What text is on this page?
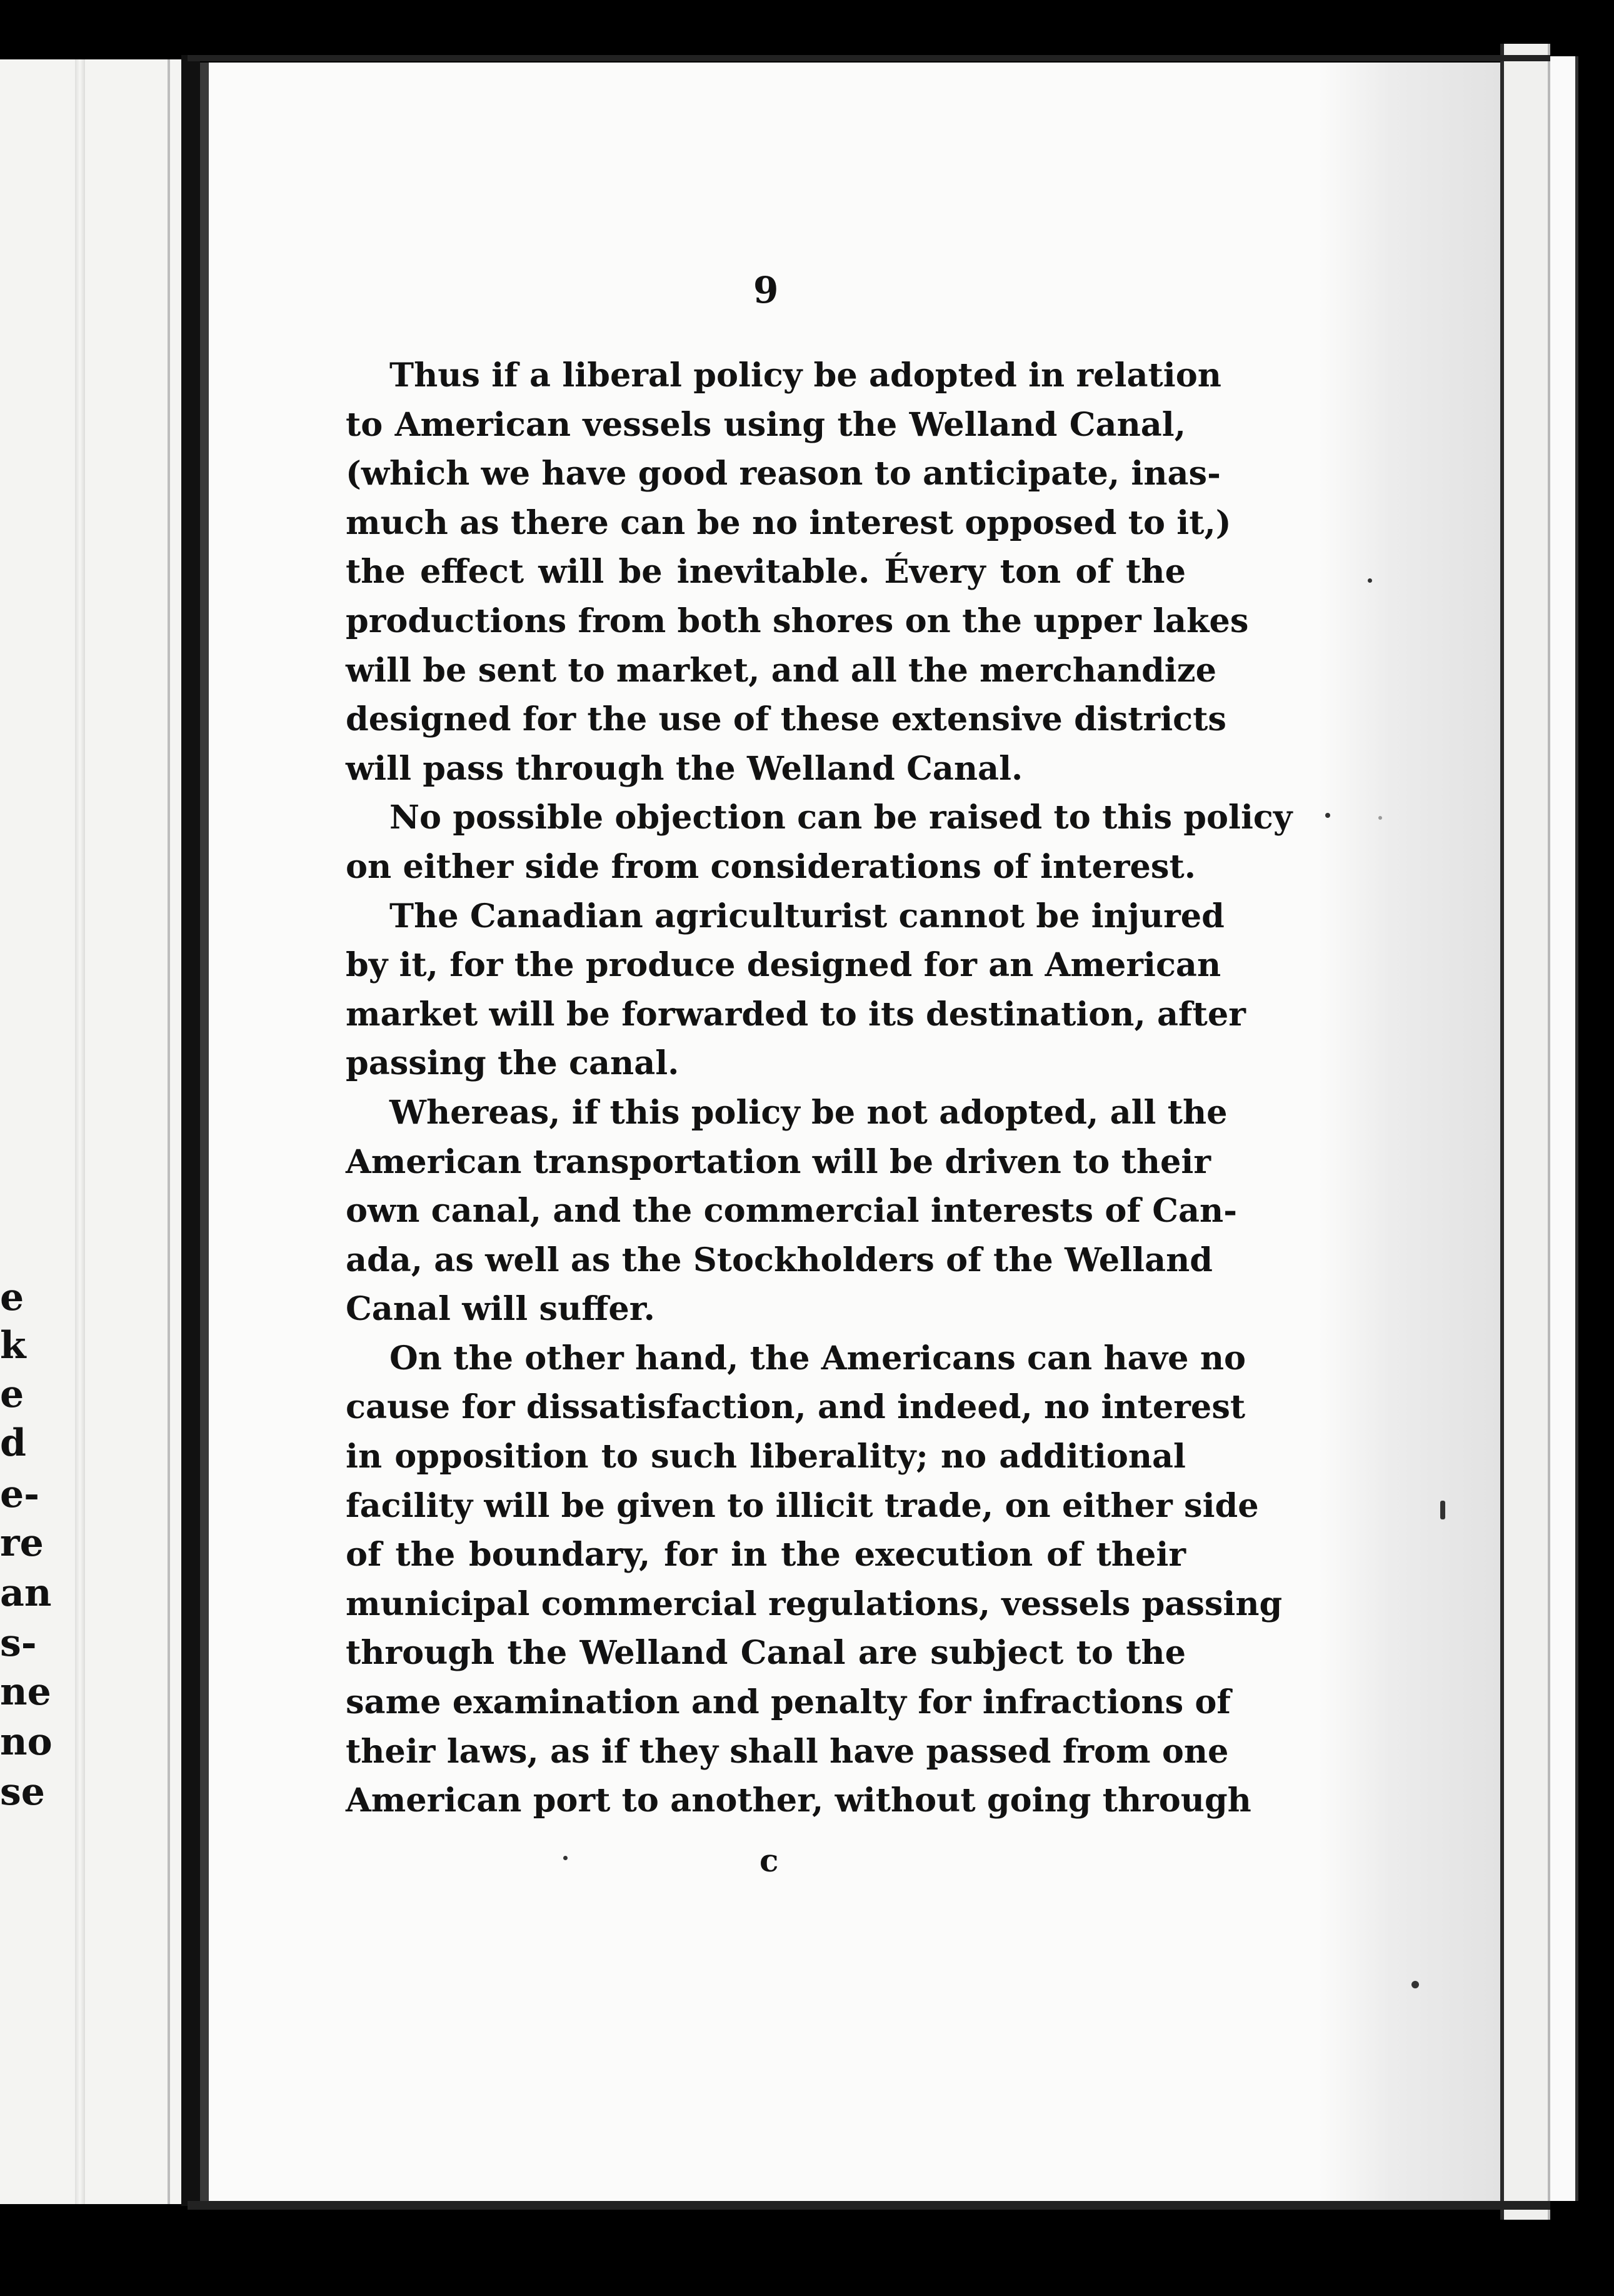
e
k
e
d
e-
re
an
s-
ne
no
se
9
Thus if a liberal policy be adopted in relation
to American vessels using the Welland Canal,
(which we have good reason to anticipate, inas-
much as there can be no interest opposed to it,)
the effect will be inevitable. Évery ton of the
productions from both shores on the upper lakes
will be sent to market, and all the merchandize
designed for the use of these extensive districts
will pass through the Welland Canal.
No possible objection can be raised to this policy
on either side from considerations of interest.
The Canadian agriculturist cannot be injured
by it, for the produce designed for an American
market will be forwarded to its destination, after
passing the canal.
Whereas, if this policy be not adopted, all the
American transportation will be driven to their
own canal, and the commercial interests of Can-
ada, as well as the Stockholders of the Welland
Canal will suffer.
On the other hand, the Americans can have no
cause for dissatisfaction, and indeed, no interest
in opposition to such liberality; no additional
facility will be given to illicit trade, on either side
of the boundary, for in the execution of their
municipal commercial regulations, vessels passing
through the Welland Canal are subject to the
same examination and penalty for infractions of
their laws, as if they shall have passed from one
American port to another, without going through
c
